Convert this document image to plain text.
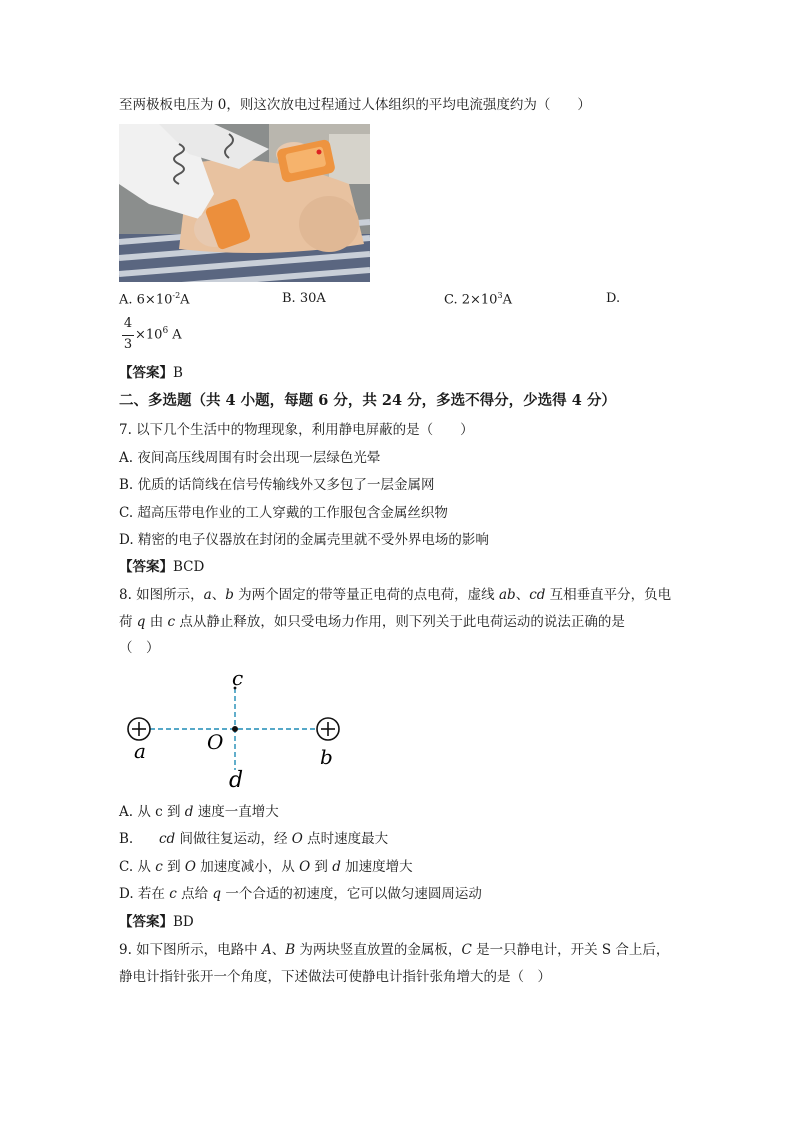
至两极板电压为 0，则这次放电过程通过人体组织的平均电流强度约为（　　）
A. $6\times 10^{-2}A$	B. 30A	C. $2\times 10^3A$	D.
4
3
$\times 10^6$ A
【答案】B
二、多选题（共 4 小题，每题 6 分，共 24 分，多选不得分，少选得 4 分）
7. 以下几个生活中的物理现象，利用静电屏蔽的是（　　）
A. 夜间高压线周围有时会出现一层绿色光晕
B. 优质的话筒线在信号传输线外又多包了一层金属网
C. 超高压带电作业的工人穿戴的工作服包含金属丝织物
D. 精密的电子仪器放在封闭的金属壳里就不受外界电场的影响
【答案】BCD
8. 如图所示，a、b 为两个固定的带等量正电荷的点电荷，虚线 ab、cd 互相垂直平分，负电
荷 q 由 c 点从静止释放，如只受电场力作用，则下列关于此电荷运动的说法正确的是
（　）
c
a	b
O
d
A. 从 c 到 d 速度一直增大
B.      cd 间做往复运动，经 O 点时速度最大
C. 从 c 到 O 加速度减小，从 O 到 d 加速度增大
D. 若在 c 点给 q 一个合适的初速度，它可以做匀速圆周运动
【答案】BD
9. 如下图所示，电路中 A、B 为两块竖直放置的金属板，C 是一只静电计，开关 S 合上后，
静电计指针张开一个角度，下述做法可使静电计指针张角增大的是（　）
